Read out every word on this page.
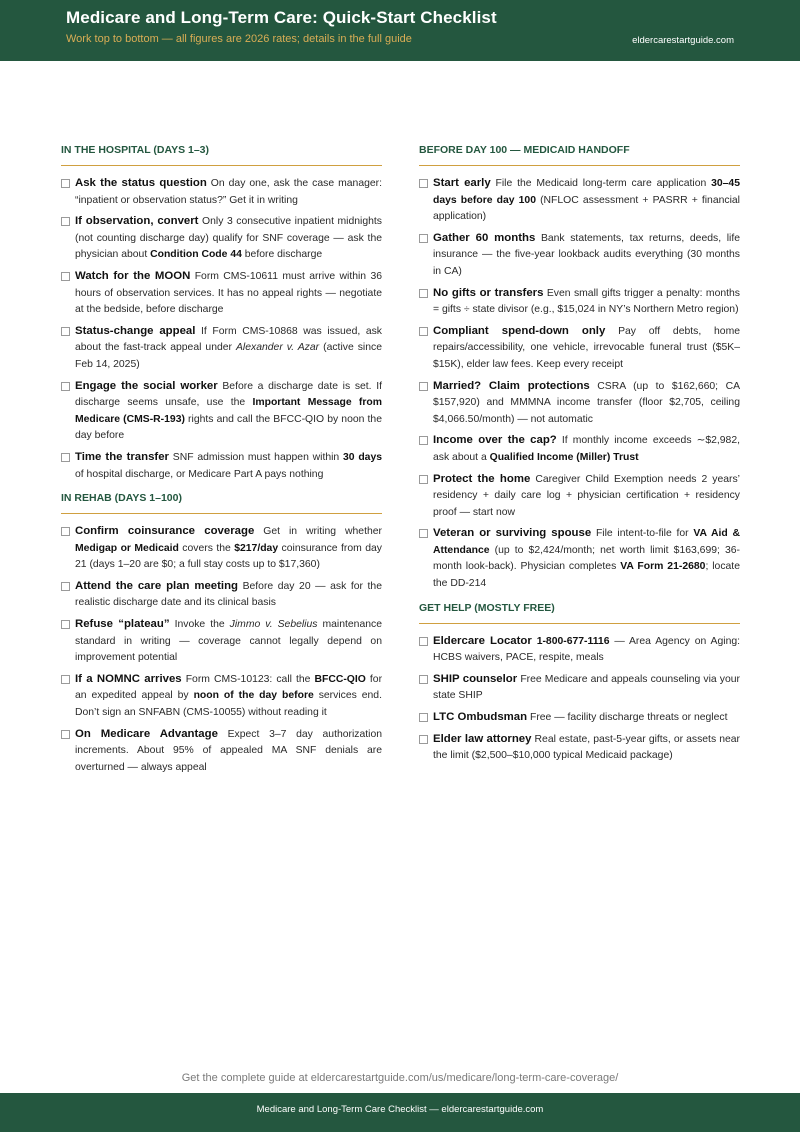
Medicare and Long-Term Care: Quick-Start Checklist
Work top to bottom — all figures are 2026 rates; details in the full guide	eldercarestartguide.com
IN THE HOSPITAL (DAYS 1–3)
Ask the status question On day one, ask the case manager: “inpatient or observation status?” Get it in writing
If observation, convert Only 3 consecutive inpatient midnights (not counting discharge day) qualify for SNF coverage — ask the physician about Condition Code 44 before discharge
Watch for the MOON Form CMS-10611 must arrive within 36 hours of observation services. It has no appeal rights — negotiate at the bedside, before discharge
Status-change appeal If Form CMS-10868 was issued, ask about the fast-track appeal under Alexander v. Azar (active since Feb 14, 2025)
Engage the social worker Before a discharge date is set. If discharge seems unsafe, use the Important Message from Medicare (CMS-R-193) rights and call the BFCC-QIO by noon the day before
Time the transfer SNF admission must happen within 30 days of hospital discharge, or Medicare Part A pays nothing
IN REHAB (DAYS 1–100)
Confirm coinsurance coverage Get in writing whether Medigap or Medicaid covers the $217/day coinsurance from day 21 (days 1–20 are $0; a full stay costs up to $17,360)
Attend the care plan meeting Before day 20 — ask for the realistic discharge date and its clinical basis
Refuse “plateau” Invoke the Jimmo v. Sebelius maintenance standard in writing — coverage cannot legally depend on improvement potential
If a NOMNC arrives Form CMS-10123: call the BFCC-QIO for an expedited appeal by noon of the day before services end. Don’t sign an SNFABN (CMS-10055) without reading it
On Medicare Advantage Expect 3–7 day authorization increments. About 95% of appealed MA SNF denials are overturned — always appeal
BEFORE DAY 100 — MEDICAID HANDOFF
Start early File the Medicaid long-term care application 30–45 days before day 100 (NFLOC assessment + PASRR + financial application)
Gather 60 months Bank statements, tax returns, deeds, life insurance — the five-year lookback audits everything (30 months in CA)
No gifts or transfers Even small gifts trigger a penalty: months = gifts ÷ state divisor (e.g., $15,024 in NY’s Northern Metro region)
Compliant spend-down only Pay off debts, home repairs/accessibility, one vehicle, irrevocable funeral trust ($5K–$15K), elder law fees. Keep every receipt
Married? Claim protections CSRA (up to $162,660; CA $157,920) and MMMNA income transfer (floor $2,705, ceiling $4,066.50/month) — not automatic
Income over the cap? If monthly income exceeds ∼$2,982, ask about a Qualified Income (Miller) Trust
Protect the home Caregiver Child Exemption needs 2 years’ residency + daily care log + physician certification + residency proof — start now
Veteran or surviving spouse File intent-to-file for VA Aid & Attendance (up to $2,424/month; net worth limit $163,699; 36-month look-back). Physician completes VA Form 21-2680; locate the DD-214
GET HELP (MOSTLY FREE)
Eldercare Locator 1-800-677-1116 — Area Agency on Aging: HCBS waivers, PACE, respite, meals
SHIP counselor Free Medicare and appeals counseling via your state SHIP
LTC Ombudsman Free — facility discharge threats or neglect
Elder law attorney Real estate, past-5-year gifts, or assets near the limit ($2,500–$10,000 typical Medicaid package)
Get the complete guide at eldercarestartguide.com/us/medicare/long-term-care-coverage/
Medicare and Long-Term Care Checklist — eldercarestartguide.com
